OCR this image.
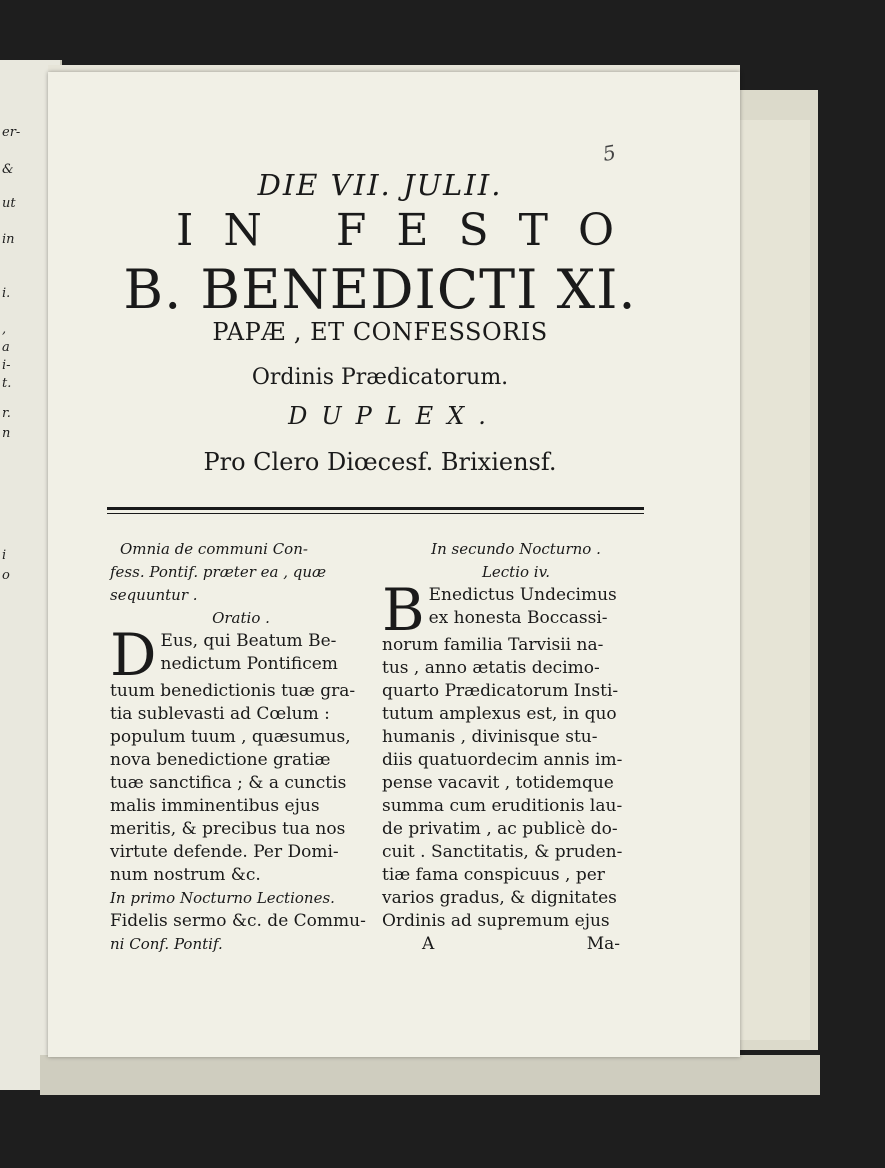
er-
&
ut
in
i.
,
a
i-
t.
r.
n
i
o
5
DIE VII. JULII.
IN FESTO
B. BENEDICTI XI.
PAPÆ , ET CONFESSORIS
Ordinis Prædicatorum.
DUPLEX.
Pro Clero Diœcesf. Brixiensf.
Omnia de communi Con-
fess. Pontif. præter ea , quæ
sequuntur .
Oratio .
D Eus, qui Beatum Be-
nedictum Pontificem
tuum benedictionis tuæ gra-
tia sublevasti ad Cœlum :
populum tuum , quæsumus,
nova benedictione gratiæ
tuæ sanctifica ; & a cunctis
malis imminentibus ejus
meritis, & precibus tua nos
virtute defende. Per Domi-
num nostrum &c.
In primo Nocturno Lectiones.
Fidelis sermo &c. de Commu-
ni Conf. Pontif.
In secundo Nocturno .
Lectio iv.
B Enedictus Undecimus
ex honesta Boccassi-
norum familia Tarvisii na-
tus , anno ætatis decimo-
quarto Prædicatorum Insti-
tutum amplexus est, in quo
humanis , divinisque stu-
diis quatuordecim annis im-
pense vacavit , totidemque
summa cum eruditionis lau-
de privatim , ac publicè do-
cuit . Sanctitatis, & pruden-
tiæ fama conspicuus , per
varios gradus, & dignitates
Ordinis ad supremum ejus
A	Ma-
